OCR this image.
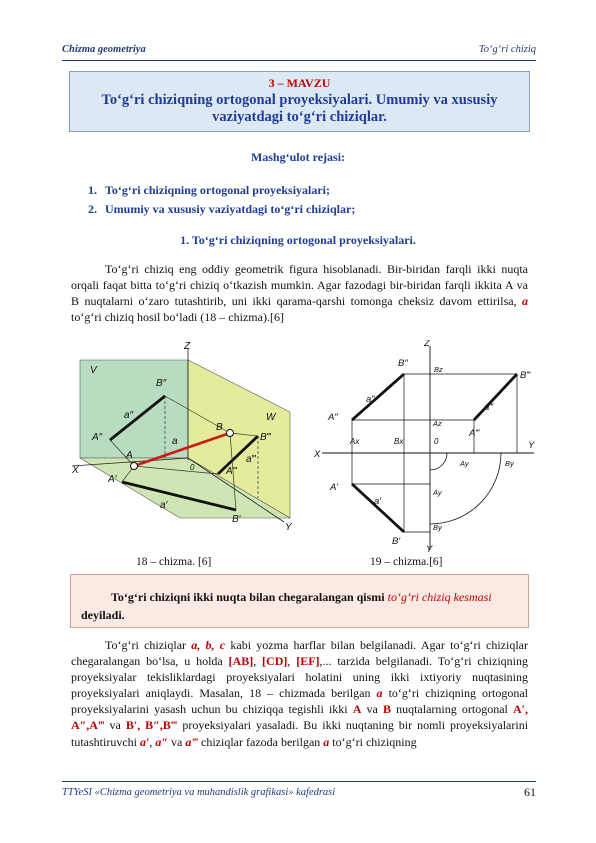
Chizma geometriya	To‘g‘ri chiziq
3 – MAVZU
To‘g‘ri chiziqning ortogonal proyeksiyalari. Umumiy va xususiy vaziyatdagi to‘g‘ri chiziqlar.
Mashg‘ulot rejasi:
1. To‘g‘ri chiziqning ortogonal proyeksiyalari;
2. Umumiy va xususiy vaziyatdagi to‘g‘ri chiziqlar;
1. To‘g‘ri chiziqning ortogonal proyeksiyalari.
To‘g‘ri chiziq eng oddiy geometrik figura hisoblanadi. Bir-biridan farqli ikki nuqta orqali faqat bitta to‘g‘ri chiziq o‘tkazish mumkin. Agar fazodagi bir-biridan farqli ikkita A va B nuqtalarni o‘zaro tutashtirib, uni ikki qarama-qarshi tomonga cheksiz davom ettirilsa, a to‘g‘ri chiziq hosil bo‘ladi (18 – chizma).[6]
Z
V
W
X
Y
B″
a″
A″	a
A
B
B‴
a‴
A‴
A′
a′
B′
0
Z
B″
Bz
B‴
a″
a‴
A″
Az
A‴
Ax	Bx	0
X
Y
Ay	By
A′	Ay
a′
B′
By
Y
18 – chizma. [6]	19 – chizma.[6]
To‘g‘ri chiziqni ikki nuqta bilan chegaralangan qismi to‘g‘ri chiziq kesmasi deyiladi.
To‘g‘ri chiziqlar a, b, c kabi yozma harflar bilan belgilanadi. Agar to‘g‘ri chiziqlar chegaralangan bo‘lsa, u holda [AB], [CD], [EF],... tarzida belgilanadi. To‘g‘ri chiziqning proyeksiyalar tekisliklardagi proyeksiyalari holatini uning ikki ixtiyoriy nuqtasining proyeksiyalari aniqlaydi. Masalan, 18 – chizmada berilgan a to‘g‘ri chiziqning ortogonal proyeksiyalarini yasash uchun bu chiziqqa tegishli ikki A va B nuqtalarning ortogonal A′, A″,A‴ va B′, B″,B‴ proyeksiyalari yasaladi. Bu ikki nuqtaning bir nomli proyeksiyalarini tutashtiruvchi a′, a″ va a‴ chiziqlar fazoda berilgan a to‘g‘ri chiziqning
TTYeSI «Chizma geometriya va muhandislik grafikasi» kafedrasi	61
